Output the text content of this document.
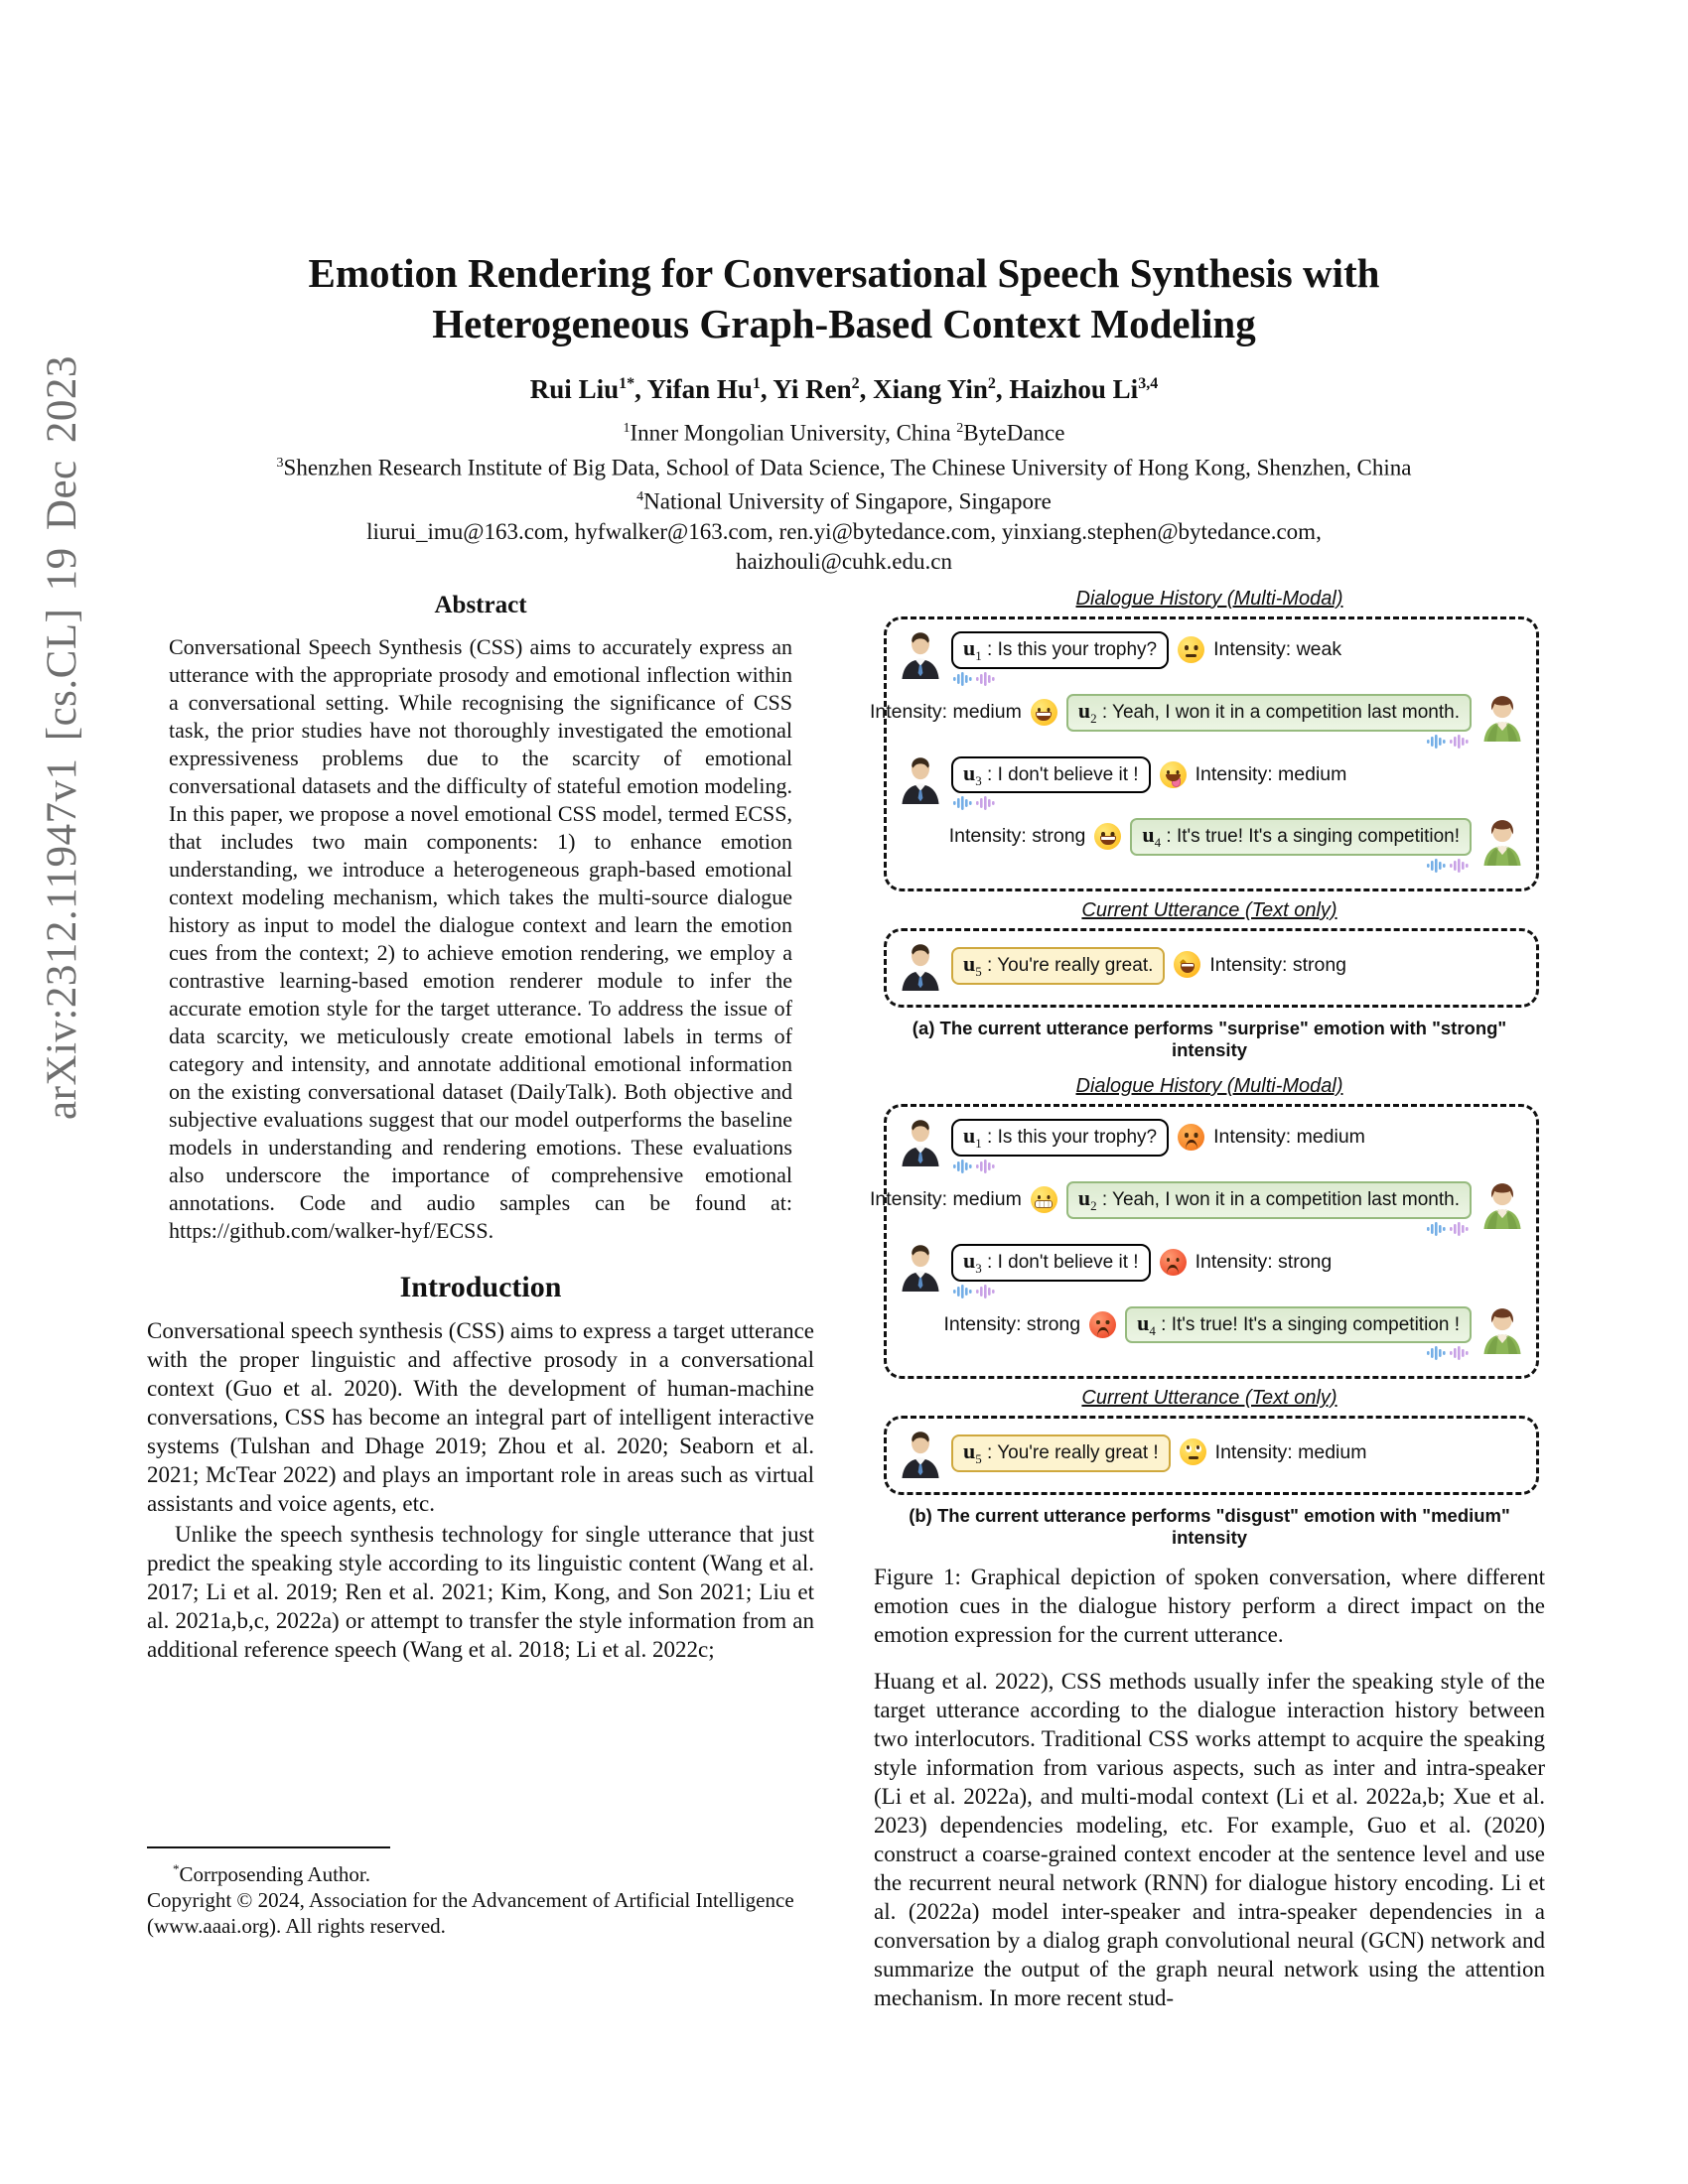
arXiv:2312.11947v1 [cs.CL] 19 Dec 2023
Emotion Rendering for Conversational Speech Synthesis with
Heterogeneous Graph-Based Context Modeling
Rui Liu$^{1*}$, Yifan Hu$^1$, Yi Ren$^2$, Xiang Yin$^2$, Haizhou Li$^{3,4}$
$^1$Inner Mongolian University, China $^2$ByteDance
$^3$Shenzhen Research Institute of Big Data, School of Data Science, The Chinese University of Hong Kong, Shenzhen, China
$^4$National University of Singapore, Singapore
liurui_imu@163.com, hyfwalker@163.com, ren.yi@bytedance.com, yinxiang.stephen@bytedance.com,
haizhouli@cuhk.edu.cn
Abstract

Conversational Speech Synthesis (CSS) aims to accurately express an utterance with the appropriate prosody and emotional inflection within a conversational setting. While recognising the significance of CSS task, the prior studies have not thoroughly investigated the emotional expressiveness problems due to the scarcity of emotional conversational datasets and the difficulty of stateful emotion modeling. In this paper, we propose a novel emotional CSS model, termed ECSS, that includes two main components: 1) to enhance emotion understanding, we introduce a heterogeneous graph-based emotional context modeling mechanism, which takes the multi-source dialogue history as input to model the dialogue context and learn the emotion cues from the context; 2) to achieve emotion rendering, we employ a contrastive learning-based emotion renderer module to infer the accurate emotion style for the target utterance. To address the issue of data scarcity, we meticulously create emotional labels in terms of category and intensity, and annotate additional emotional information on the existing conversational dataset (DailyTalk). Both objective and subjective evaluations suggest that our model outperforms the baseline models in understanding and rendering emotions. These evaluations also underscore the importance of comprehensive emotional annotations. Code and audio samples can be found at: https://github.com/walker-hyf/ECSS.

Introduction

Conversational speech synthesis (CSS) aims to express a target utterance with the proper linguistic and affective prosody in a conversational context (Guo et al. 2020). With the development of human-machine conversations, CSS has become an integral part of intelligent interactive systems (Tulshan and Dhage 2019; Zhou et al. 2020; Seaborn et al. 2021; McTear 2022) and plays an important role in areas such as virtual assistants and voice agents, etc.

Unlike the speech synthesis technology for single utterance that just predict the speaking style according to its linguistic content (Wang et al. 2017; Li et al. 2019; Ren et al. 2021; Kim, Kong, and Son 2021; Liu et al. 2021a,b,c, 2022a) or attempt to transfer the style information from an additional reference speech (Wang et al. 2018; Li et al. 2022c;

*Corrposending Author.
Copyright © 2024, Association for the Advancement of Artificial Intelligence (www.aaai.org). All rights reserved.
Dialogue History (Multi-Modal)
$u_1$ : Is this your trophy?	Intensity: weak
Intensity: medium	$u_2$ : Yeah, I won it in a competition last month.
$u_3$ : I don't believe it !	Intensity: medium
Intensity: strong	$u_4$ : It's true! It's a singing competition!
Current Utterance (Text only)
$u_5$ : You're really great.	Intensity: strong
(a) The current utterance performs "surprise" emotion with "strong" intensity
Dialogue History (Multi-Modal)
$u_1$ : Is this your trophy?	Intensity: medium
Intensity: medium	$u_2$ : Yeah, I won it in a competition last month.
$u_3$ : I don't believe it !	Intensity: strong
Intensity: strong	$u_4$ : It's true! It's a singing competition !
Current Utterance (Text only)
$u_5$ : You're really great !	Intensity: medium
(b) The current utterance performs "disgust" emotion with "medium" intensity
Figure 1: Graphical depiction of spoken conversation, where different emotion cues in the dialogue history perform a direct impact on the emotion expression for the current utterance.

Huang et al. 2022), CSS methods usually infer the speaking style of the target utterance according to the dialogue interaction history between two interlocutors. Traditional CSS works attempt to acquire the speaking style information from various aspects, such as inter and intra-speaker (Li et al. 2022a), and multi-modal context (Li et al. 2022a,b; Xue et al. 2023) dependencies modeling, etc. For example, Guo et al. (2020) construct a coarse-grained context encoder at the sentence level and use the recurrent neural network (RNN) for dialogue history encoding. Li et al. (2022a) model inter-speaker and intra-speaker dependencies in a conversation by a dialog graph convolutional neural (GCN) network and summarize the output of the graph neural network using the attention mechanism. In more recent stud-
